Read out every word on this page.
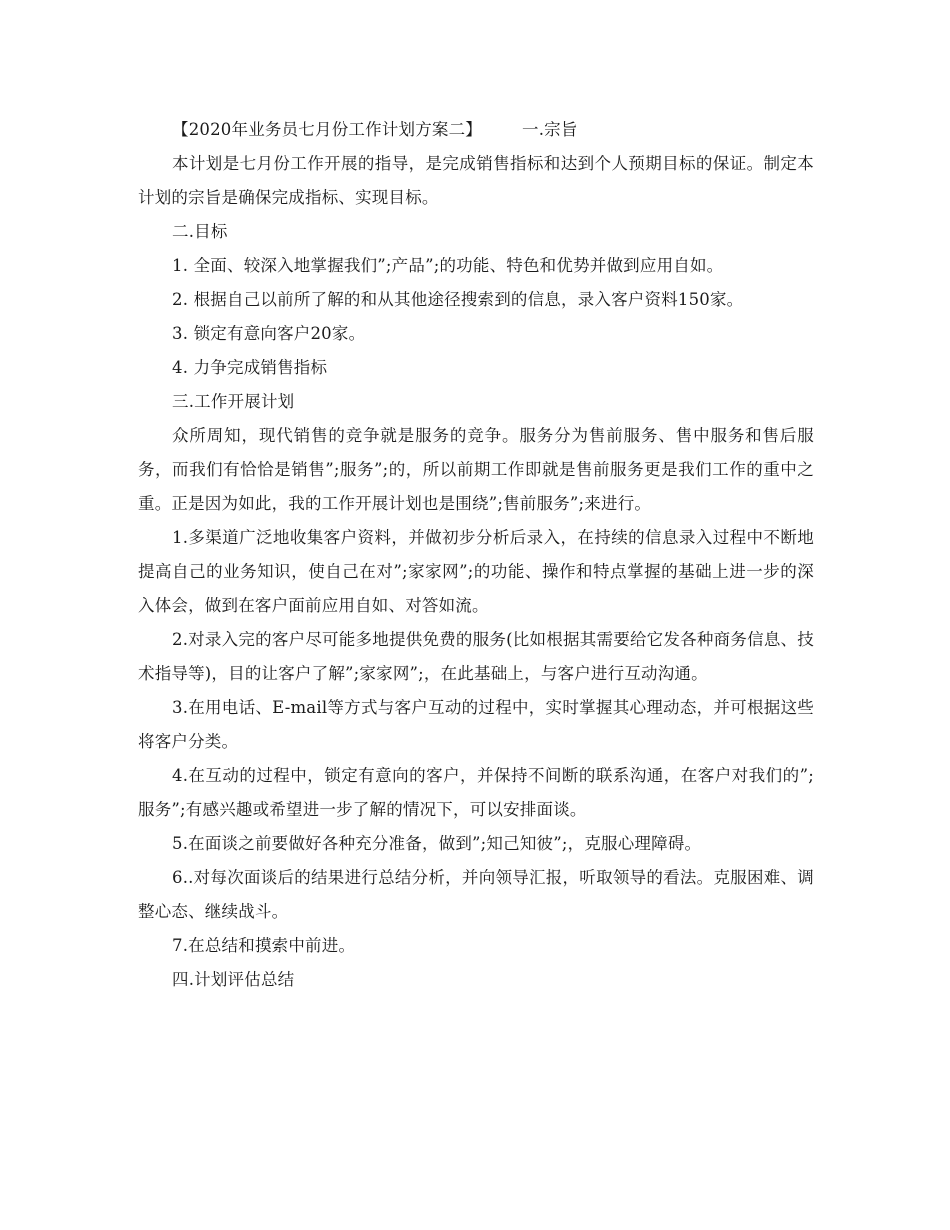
【2020年业务员七月份工作计划方案二】 一.宗旨

本计划是七月份工作开展的指导，是完成销售指标和达到个人预期目标的保证。制定本计划的宗旨是确保完成指标、实现目标。

二.目标

1. 全面、较深入地掌握我们”;产品”;的功能、特色和优势并做到应用自如。

2. 根据自己以前所了解的和从其他途径搜索到的信息，录入客户资料150家。

3. 锁定有意向客户20家。

4. 力争完成销售指标

三.工作开展计划

众所周知，现代销售的竞争就是服务的竞争。服务分为售前服务、售中服务和售后服务，而我们有恰恰是销售”;服务”;的，所以前期工作即就是售前服务更是我们工作的重中之重。正是因为如此，我的工作开展计划也是围绕”;售前服务”;来进行。

1.多渠道广泛地收集客户资料，并做初步分析后录入，在持续的信息录入过程中不断地提高自己的业务知识，使自己在对”;家家网”;的功能、操作和特点掌握的基础上进一步的深入体会，做到在客户面前应用自如、对答如流。

2.对录入完的客户尽可能多地提供免费的服务(比如根据其需要给它发各种商务信息、技术指导等)，目的让客户了解”;家家网”;，在此基础上，与客户进行互动沟通。

3.在用电话、E-mail等方式与客户互动的过程中，实时掌握其心理动态，并可根据这些将客户分类。

4.在互动的过程中，锁定有意向的客户，并保持不间断的联系沟通，在客户对我们的”;服务”;有感兴趣或希望进一步了解的情况下，可以安排面谈。

5.在面谈之前要做好各种充分准备，做到”;知己知彼”;，克服心理障碍。

6..对每次面谈后的结果进行总结分析，并向领导汇报，听取领导的看法。克服困难、调整心态、继续战斗。

7.在总结和摸索中前进。

四.计划评估总结
